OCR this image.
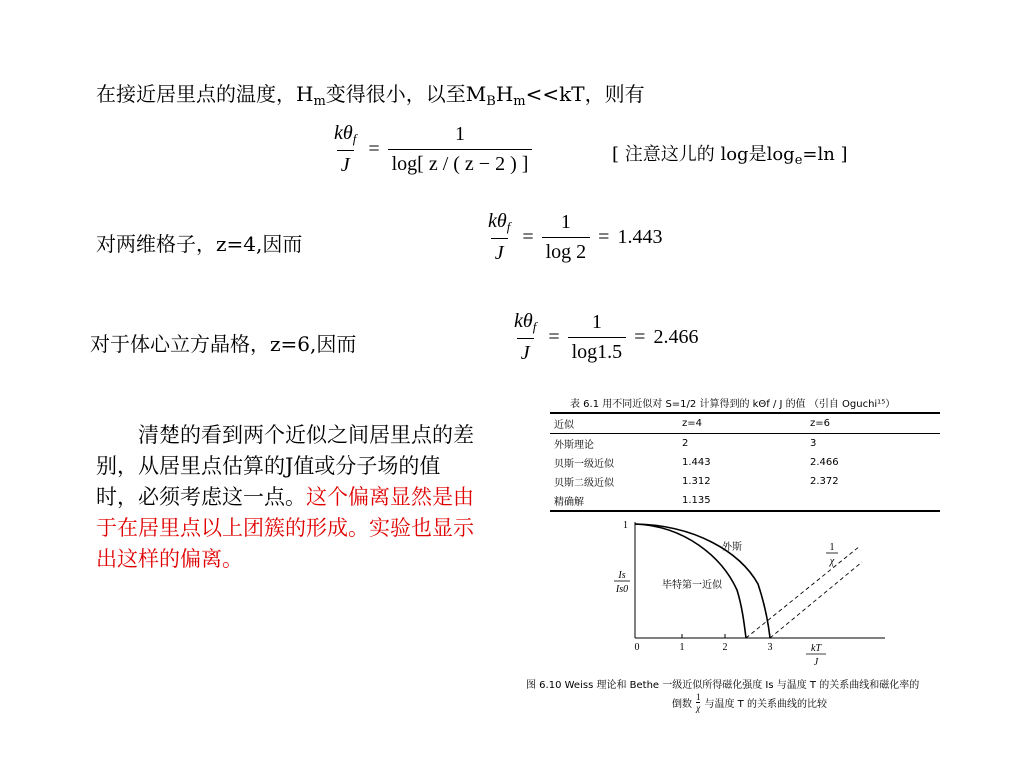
在接近居里点的温度，$H_m$变得很小，以至$M_BH_m<<kT$，则有
$\frac{k\theta_f}{J} = \frac{1}{\log[ z / ( z - 2 ) ]}$	[ 注意这儿的 log是$\log_e=\ln$ ]
对两维格子，z=4,因而	$\frac{k\theta_f}{J} = \frac{1}{\log 2} = 1.443$
对于体心立方晶格，z=6,因而	$\frac{k\theta_f}{J} = \frac{1}{\log 1.5} = 2.466$
清楚的看到两个近似之间居里点的差别，从居里点估算的J值或分子场的值时，必须考虑这一点。这个偏离显然是由于在居里点以上团簇的形成。实验也显示出这样的偏离。
表 6.1 用不同近似对 S=1/2 计算得到的 kΘf / J 的值 （引自 Oguchi¹⁵）
近似	z=4	z=6
外斯理论	2	3
贝斯一级近似	1.443	2.466
贝斯二级近似	1.312	2.372
精确解	1.135	
1
外斯
毕特第一近似
1
χ
Is
Is0
0	1	2	3	kT
J
图 6.10 Weiss 理论和 Bethe 一级近似所得磁化强度 Is 与温度 T 的关系曲线和磁化率的
倒数
1
χ 与温度 T 的关系曲线的比较
